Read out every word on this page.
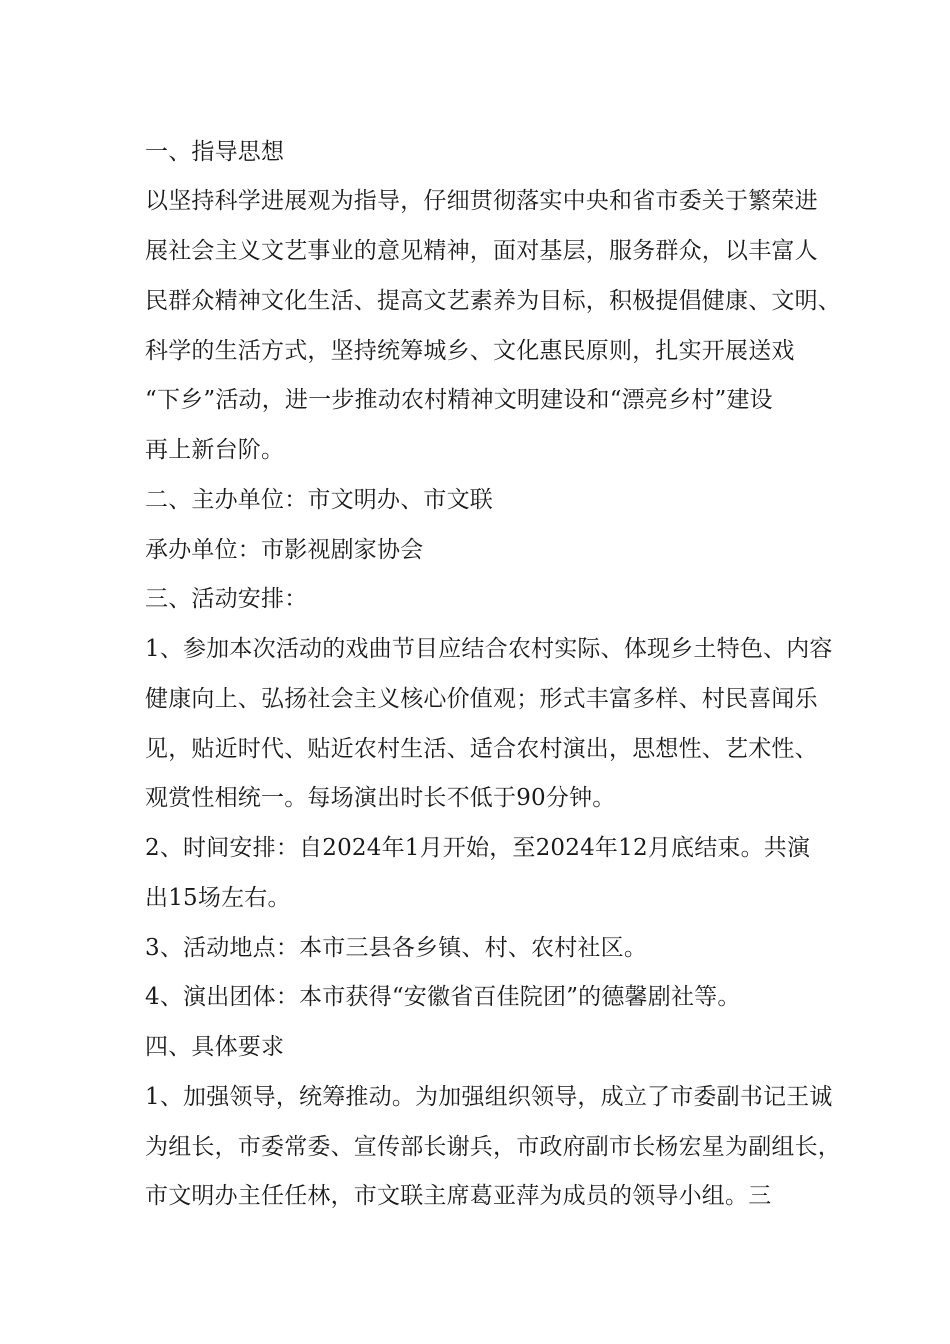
一、指导思想
以坚持科学进展观为指导，仔细贯彻落实中央和省市委关于繁荣进
展社会主义文艺事业的意见精神，面对基层，服务群众，以丰富人
民群众精神文化生活、提高文艺素养为目标，积极提倡健康、文明、
科学的生活方式，坚持统筹城乡、文化惠民原则，扎实开展送戏
“下乡”活动，进一步推动农村精神文明建设和“漂亮乡村”建设
再上新台阶。
二、主办单位：市文明办、市文联
承办单位：市影视剧家协会
三、活动安排：
1、参加本次活动的戏曲节目应结合农村实际、体现乡土特色、内容
健康向上、弘扬社会主义核心价值观；形式丰富多样、村民喜闻乐
见，贴近时代、贴近农村生活、适合农村演出，思想性、艺术性、
观赏性相统一。每场演出时长不低于90分钟。
2、时间安排：自2024年1月开始，至2024年12月底结束。共演
出15场左右。
3、活动地点：本市三县各乡镇、村、农村社区。
4、演出团体：本市获得“安徽省百佳院团”的德馨剧社等。
四、具体要求
1、加强领导，统筹推动。为加强组织领导，成立了市委副书记王诚
为组长，市委常委、宣传部长谢兵，市政府副市长杨宏星为副组长，
市文明办主任任林，市文联主席葛亚萍为成员的领导小组。三
